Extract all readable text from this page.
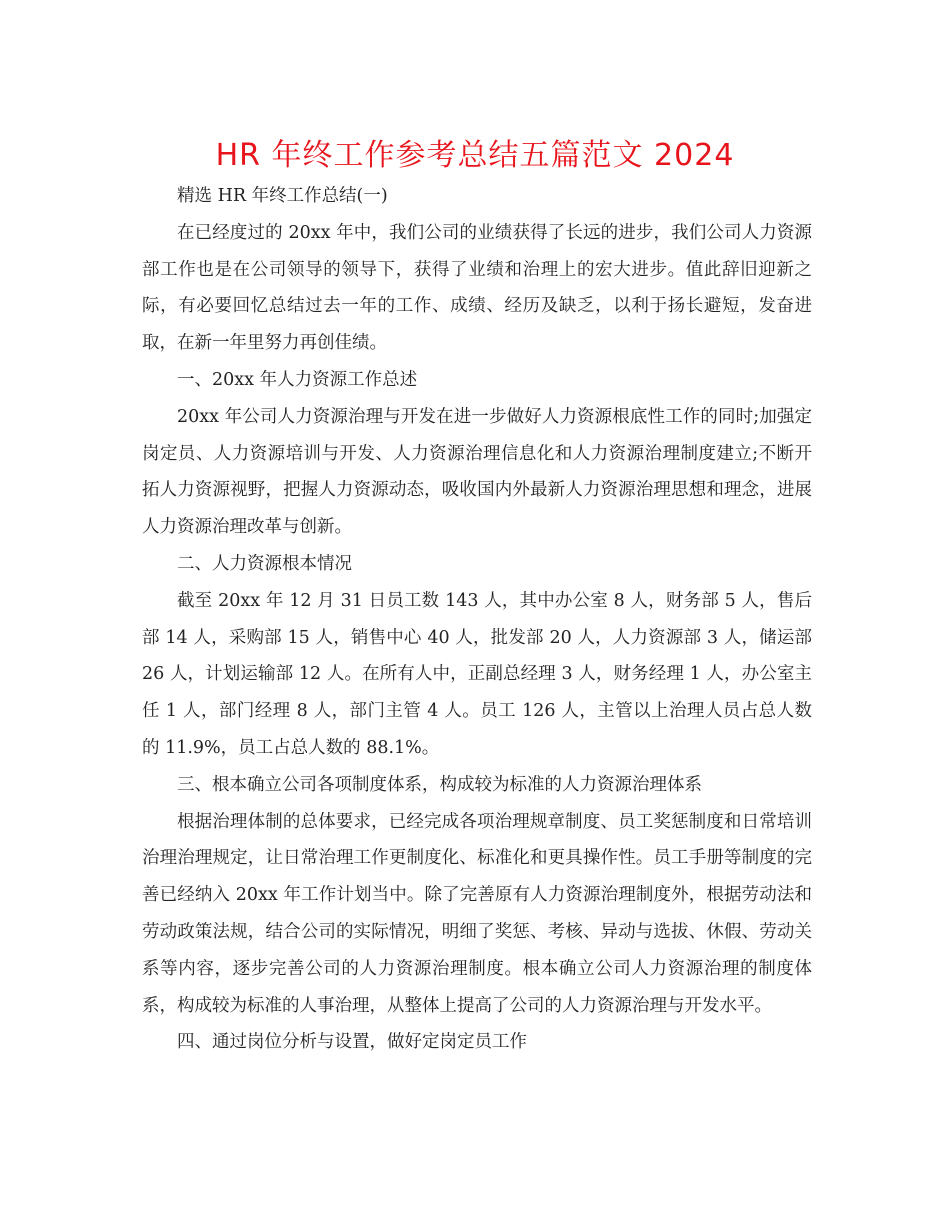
HR 年终工作参考总结五篇范文 2024

精选 HR 年终工作总结(一)

在已经度过的 20xx 年中，我们公司的业绩获得了长远的进步，我们公司人力资源部工作也是在公司领导的领导下，获得了业绩和治理上的宏大进步。值此辞旧迎新之际，有必要回忆总结过去一年的工作、成绩、经历及缺乏，以利于扬长避短，发奋进取，在新一年里努力再创佳绩。

一、20xx 年人力资源工作总述

20xx 年公司人力资源治理与开发在进一步做好人力资源根底性工作的同时;加强定岗定员、人力资源培训与开发、人力资源治理信息化和人力资源治理制度建立;不断开拓人力资源视野，把握人力资源动态，吸收国内外最新人力资源治理思想和理念，进展人力资源治理改革与创新。

二、人力资源根本情况

截至 20xx 年 12 月 31 日员工数 143 人，其中办公室 8 人，财务部 5 人，售后部 14 人，采购部 15 人，销售中心 40 人，批发部 20 人，人力资源部 3 人，储运部 26 人，计划运输部 12 人。在所有人中，正副总经理 3 人，财务经理 1 人，办公室主任 1 人，部门经理 8 人，部门主管 4 人。员工 126 人，主管以上治理人员占总人数的 11.9%，员工占总人数的 88.1%。

三、根本确立公司各项制度体系，构成较为标准的人力资源治理体系

根据治理体制的总体要求，已经完成各项治理规章制度、员工奖惩制度和日常培训治理治理规定，让日常治理工作更制度化、标准化和更具操作性。员工手册等制度的完善已经纳入 20xx 年工作计划当中。除了完善原有人力资源治理制度外，根据劳动法和劳动政策法规，结合公司的实际情况，明细了奖惩、考核、异动与选拔、休假、劳动关系等内容，逐步完善公司的人力资源治理制度。根本确立公司人力资源治理的制度体系，构成较为标准的人事治理，从整体上提高了公司的人力资源治理与开发水平。

四、通过岗位分析与设置，做好定岗定员工作
